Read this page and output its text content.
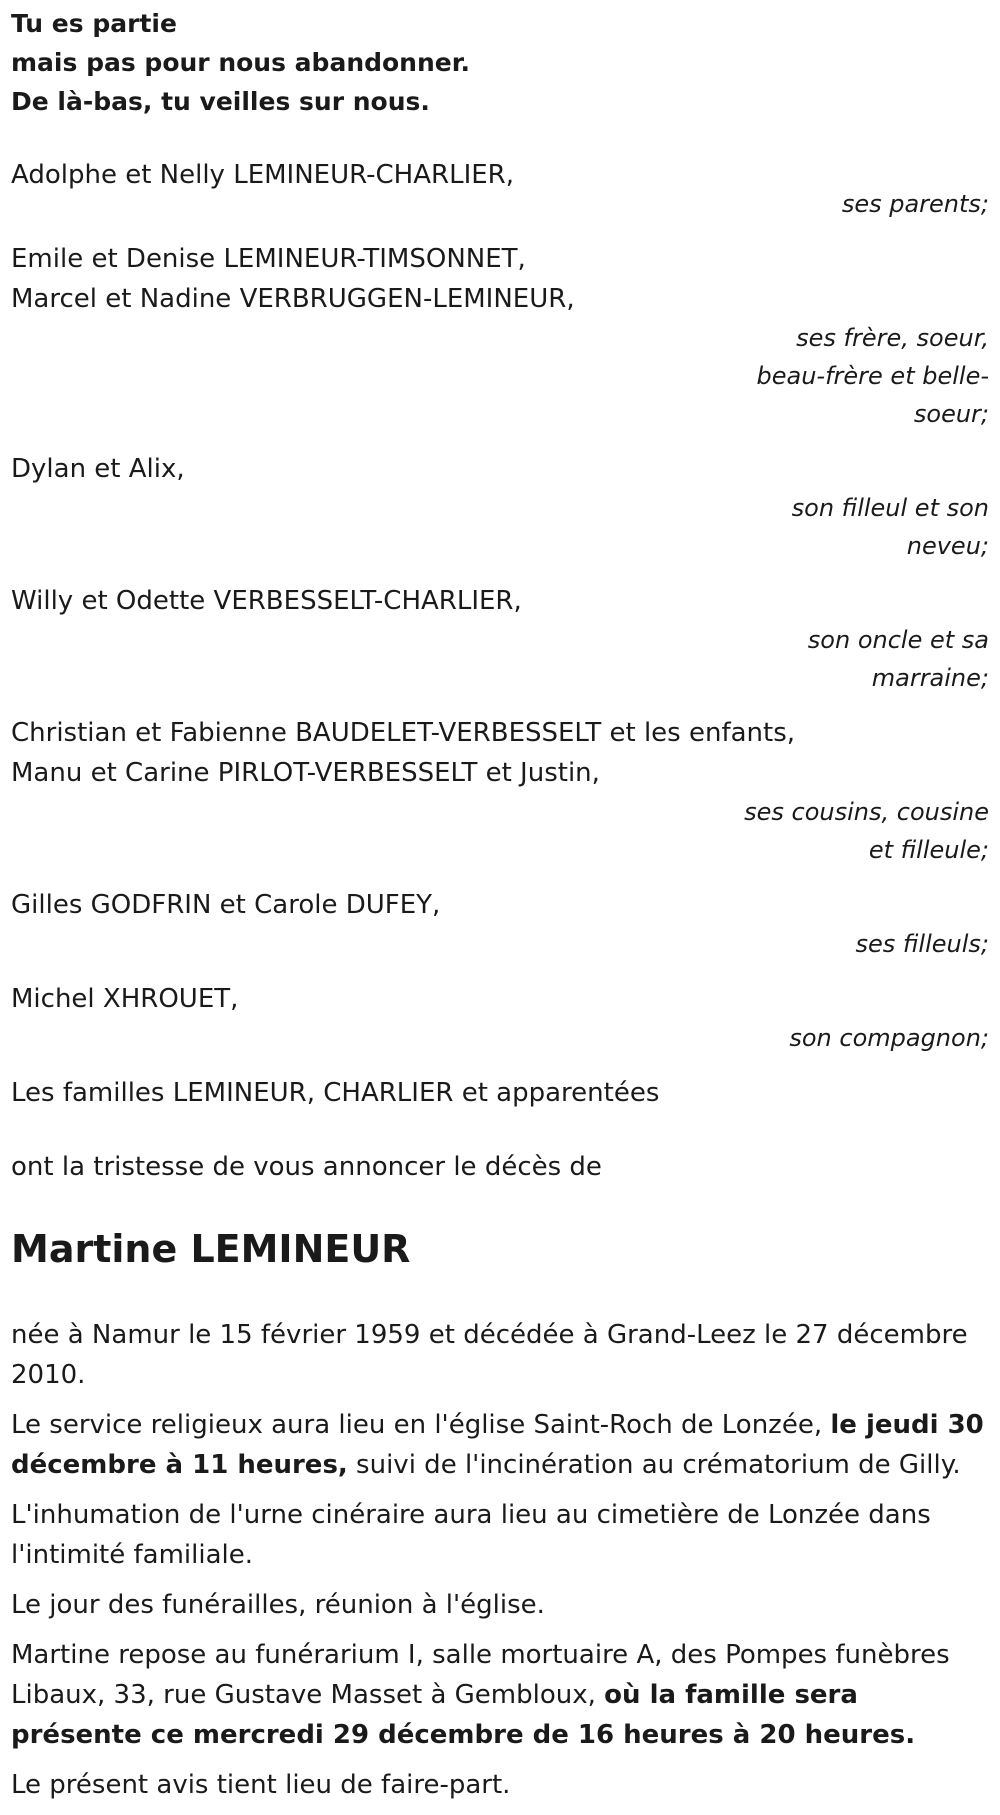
Tu es partie
mais pas pour nous abandonner.
De là-bas, tu veilles sur nous.
Adolphe et Nelly LEMINEUR-CHARLIER,
ses parents;
Emile et Denise LEMINEUR-TIMSONNET,
Marcel et Nadine VERBRUGGEN-LEMINEUR,
ses frère, soeur, beau-frère et belle-soeur;
Dylan et Alix,
son filleul et son neveu;
Willy et Odette VERBESSELT-CHARLIER,
son oncle et sa marraine;
Christian et Fabienne BAUDELET-VERBESSELT et les enfants,
Manu et Carine PIRLOT-VERBESSELT et Justin,
ses cousins, cousine et filleule;
Gilles GODFRIN et Carole DUFEY,
ses filleuls;
Michel XHROUET,
son compagnon;
Les familles LEMINEUR, CHARLIER et apparentées
ont la tristesse de vous annoncer le décès de
Martine LEMINEUR
née à Namur le 15 février 1959 et décédée à Grand-Leez le 27 décembre 2010.
Le service religieux aura lieu en l'église Saint-Roch de Lonzée, le jeudi 30 décembre à 11 heures, suivi de l'incinération au crématorium de Gilly.
L'inhumation de l'urne cinéraire aura lieu au cimetière de Lonzée dans l'intimité familiale.
Le jour des funérailles, réunion à l'église.
Martine repose au funérarium I, salle mortuaire A, des Pompes funèbres Libaux, 33, rue Gustave Masset à Gembloux, où la famille sera présente ce mercredi 29 décembre de 16 heures à 20 heures.
Le présent avis tient lieu de faire-part.
